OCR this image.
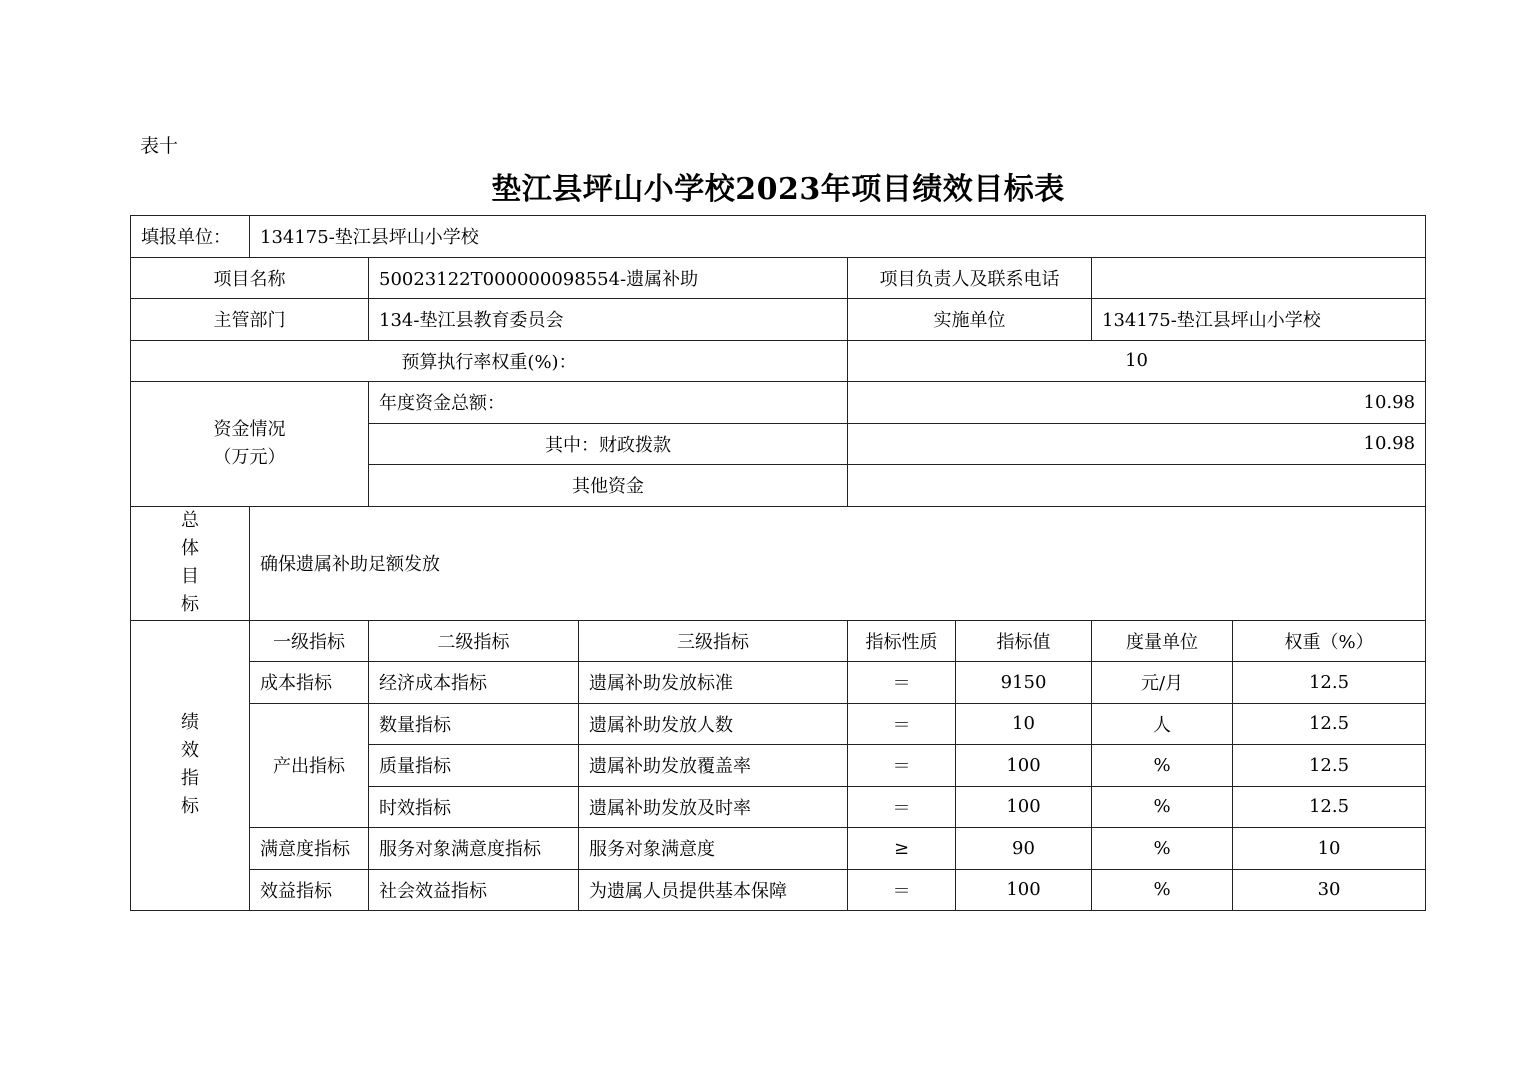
表十
垫江县坪山小学校2023年项目绩效目标表
填报单位：	134175-垫江县坪山小学校						
项目名称		50023122T000000098554-遗属补助		项目负责人及联系电话			
主管部门		134-垫江县教育委员会		实施单位		134175-垫江县坪山小学校	
预算执行率权重(%)：				10			

资金情况
（万元）		年度资金总额：		10.98			
		其中：财政拨款		10.98			
		其他资金					

总
体
目
标	确保遗属补助足额发放						

绩
效
指
标	一级指标	二级指标	三级指标	指标性质	指标值	度量单位	权重（%）
	成本指标	经济成本指标	遗属补助发放标准	＝	9150	元/月	12.5
	产出指标	数量指标	遗属补助发放人数	＝	10	人	12.5
		质量指标	遗属补助发放覆盖率	＝	100	%	12.5
		时效指标	遗属补助发放及时率	＝	100	%	12.5
	满意度指标	服务对象满意度指标	服务对象满意度	≥	90	%	10
	效益指标	社会效益指标	为遗属人员提供基本保障	＝	100	%	30
